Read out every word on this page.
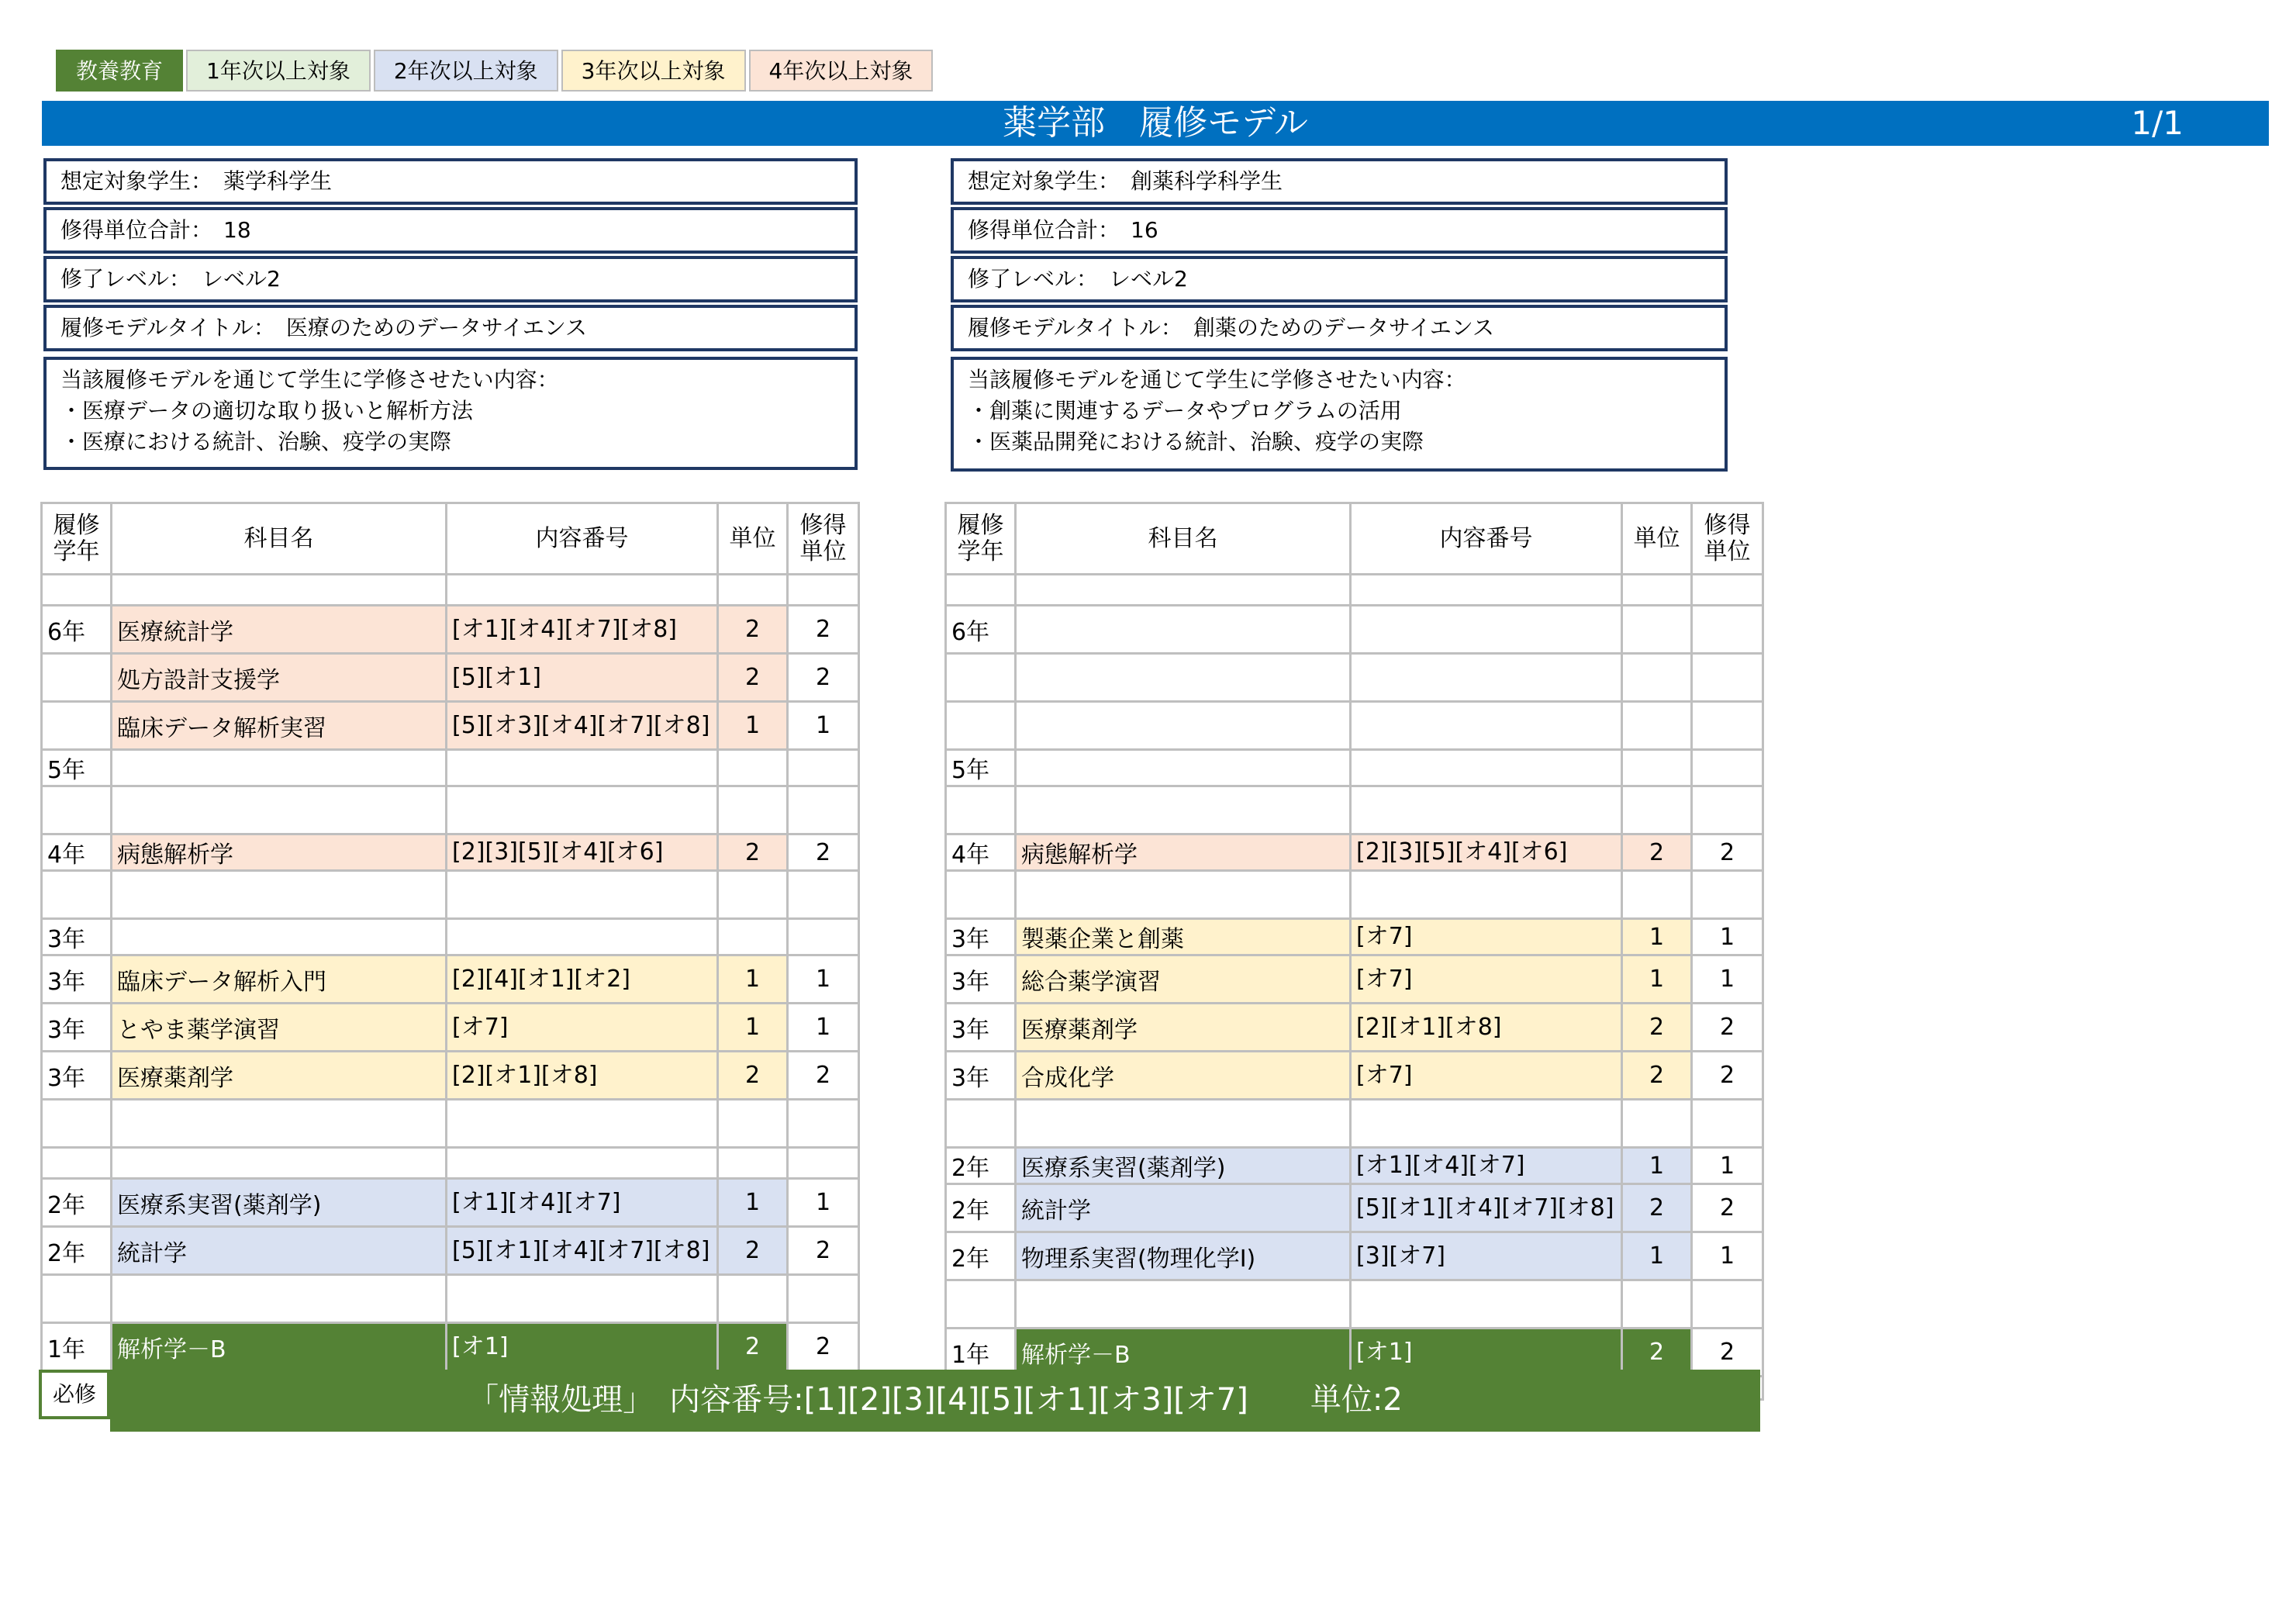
教養教育	1年次以上対象	2年次以上対象	3年次以上対象	4年次以上対象
薬学部　履修モデル	1/1
想定対象学生：　薬学科学生
修得単位合計：　18
修了レベル：　レベル2
履修モデルタイトル：　医療のためのデータサイエンス
当該履修モデルを通じて学生に学修させたい内容：
・医療データの適切な取り扱いと解析方法
・医療における統計、治験、疫学の実際
想定対象学生：　創薬科学科学生
修得単位合計：　16
修了レベル：　レベル2
履修モデルタイトル：　創薬のためのデータサイエンス
当該履修モデルを通じて学生に学修させたい内容：
・創薬に関連するデータやプログラムの活用
・医薬品開発における統計、治験、疫学の実際
履修学年	科目名	内容番号	単位	修得単位

6年	医療統計学	[オ1][オ4][オ7][オ8]	2	2
	処方設計支援学	[5][オ1]	2	2
	臨床データ解析実習	[5][オ3][オ4][オ7][オ8]	1	1
5年				

4年	病態解析学	[2][3][5][オ4][オ6]	2	2

3年				
3年	臨床データ解析入門	[2][4][オ1][オ2]	1	1
3年	とやま薬学演習	[オ7]	1	1
3年	医療薬剤学	[2][オ1][オ8]	2	2

2年	医療系実習(薬剤学)	[オ1][オ4][オ7]	1	1
2年	統計学	[5][オ1][オ4][オ7][オ8]	2	2

1年	解析学－B	[オ1]	2	2

履修学年	科目名	内容番号	単位	修得単位

6年				

5年				

4年	病態解析学	[2][3][5][オ4][オ6]	2	2

3年	製薬企業と創薬	[オ7]	1	1
3年	総合薬学演習	[オ7]	1	1
3年	医療薬剤学	[2][オ1][オ8]	2	2
3年	合成化学	[オ7]	2	2

2年	医療系実習(薬剤学)	[オ1][オ4][オ7]	1	1
2年	統計学	[5][オ1][オ4][オ7][オ8]	2	2
2年	物理系実習(物理化学Ⅰ)	[3][オ7]	1	1

1年	解析学－B	[オ1]	2	2

必修	「情報処理」　内容番号:[1][2][3][4][5][オ1][オ3][オ7]　　単位:2
